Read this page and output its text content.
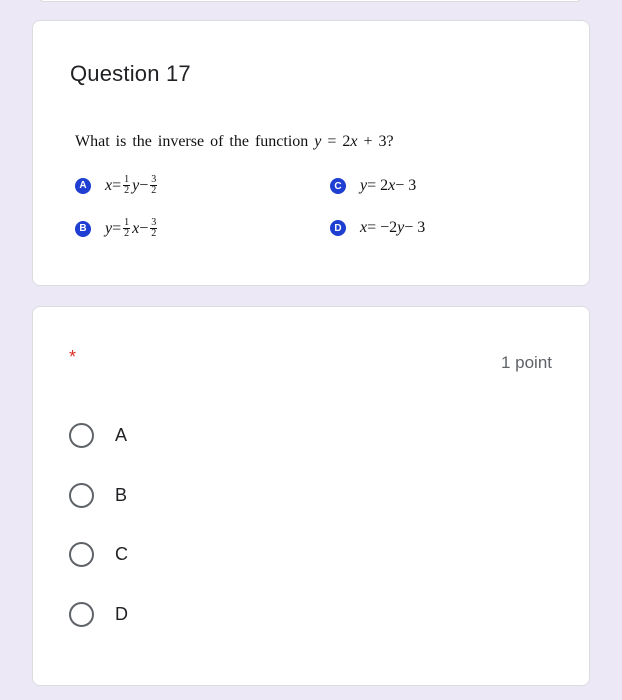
Question 17
What is the inverse of the function y = 2x + 3?
A $x = \frac{1}{2}$ $y - \frac{3}{2}$
B $y = \frac{1}{2}$ $x - \frac{3}{2}$
C y = 2 x − 3
D x = −2 y − 3
*	1 point
A
B
C
D
